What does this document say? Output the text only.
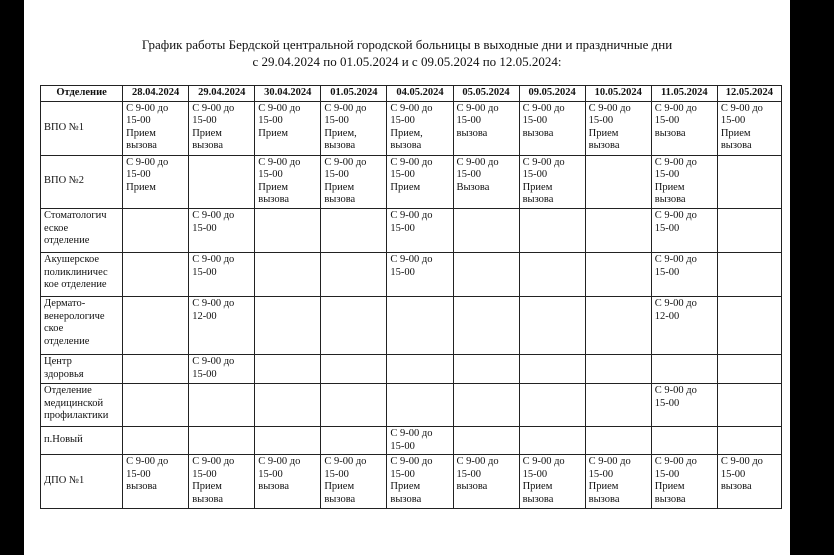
График работы Бердской центральной городской больницы в выходные дни и праздничные дни
с 29.04.2024 по 01.05.2024 и с 09.05.2024 по 12.05.2024:
Отделение	28.04.2024	29.04.2024	30.04.2024	01.05.2024	04.05.2024	05.05.2024	09.05.2024	10.05.2024	11.05.2024	12.05.2024

ВПО №1	С 9-00 до
15-00
Прием
вызова	С 9-00 до
15-00
Прием
вызова	С 9-00 до
15-00
Прием	С 9-00 до
15-00
Прием,
вызова	С 9-00 до
15-00
Прием,
вызова	С 9-00 до
15-00
вызова	С 9-00 до
15-00
вызова	С 9-00 до
15-00
Прием
вызова	С 9-00 до
15-00
вызова	С 9-00 до
15-00
Прием
вызова

ВПО №2	С 9-00 до
15-00
Прием		С 9-00 до
15-00
Прием
вызова	С 9-00 до
15-00
Прием
вызова	С 9-00 до
15-00
Прием	С 9-00 до
15-00
Вызова	С 9-00 до
15-00
Прием
вызова		С 9-00 до
15-00
Прием
вызова	

Стоматологич
еское
отделение		С 9-00 до
15-00			С 9-00 до
15-00				С 9-00 до
15-00	

Акушерское
поликлиничес
кое отделение		С 9-00 до
15-00			С 9-00 до
15-00				С 9-00 до
15-00	

Дермато-
венерологиче
ское
отделение		С 9-00 до
12-00							С 9-00 до
12-00	

Центр
здоровья		С 9-00 до
15-00								

Отделение
медицинской
профилактики									С 9-00 до
15-00	

п.Новый					С 9-00 до
15-00					

ДПО №1	С 9-00 до
15-00
вызова	С 9-00 до
15-00
Прием
вызова	С 9-00 до
15-00
вызова	С 9-00 до
15-00
Прием
вызова	С 9-00 до
15-00
Прием
вызова	С 9-00 до
15-00
вызова	С 9-00 до
15-00
Прием
вызова	С 9-00 до
15-00
Прием
вызова	С 9-00 до
15-00
Прием
вызова	С 9-00 до
15-00
вызова
